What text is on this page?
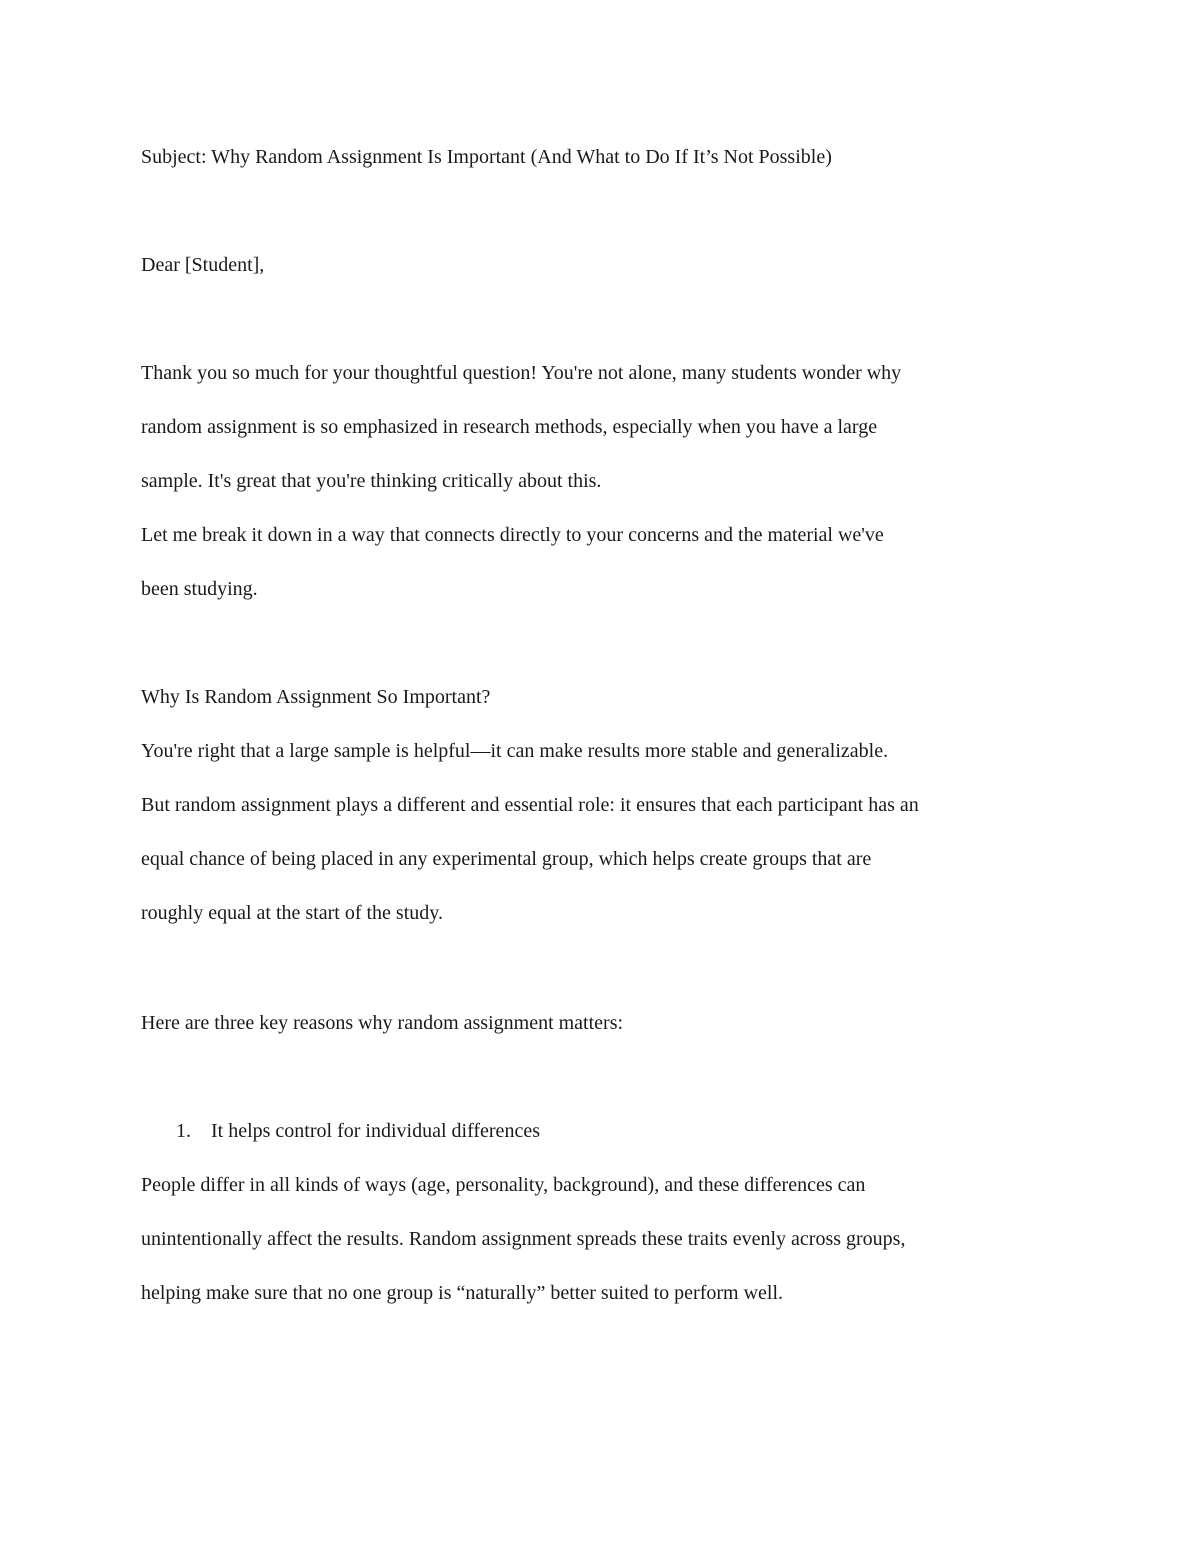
Subject: Why Random Assignment Is Important (And What to Do If It’s Not Possible)

Dear [Student],

Thank you so much for your thoughtful question! You're not alone, many students wonder why

random assignment is so emphasized in research methods, especially when you have a large

sample. It's great that you're thinking critically about this.

Let me break it down in a way that connects directly to your concerns and the material we've

been studying.

Why Is Random Assignment So Important?

You're right that a large sample is helpful—it can make results more stable and generalizable.

But random assignment plays a different and essential role: it ensures that each participant has an

equal chance of being placed in any experimental group, which helps create groups that are

roughly equal at the start of the study.

Here are three key reasons why random assignment matters:

1. It helps control for individual differences

People differ in all kinds of ways (age, personality, background), and these differences can

unintentionally affect the results. Random assignment spreads these traits evenly across groups,

helping make sure that no one group is “naturally” better suited to perform well.
